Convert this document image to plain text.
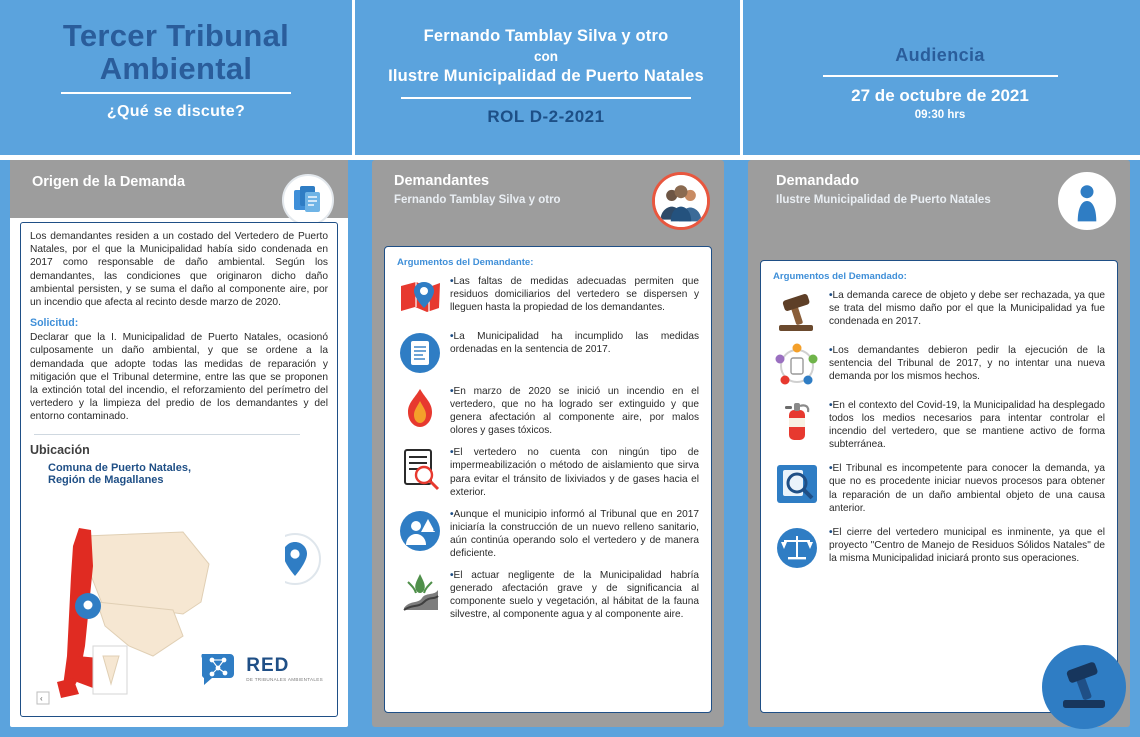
Tercer Tribunal
Ambiental
¿Qué se discute?
Fernando Tamblay Silva y otro
con
Ilustre Municipalidad de Puerto Natales
ROL D-2-2021
Audiencia
27 de octubre de 2021
09:30 hrs
Origen de la Demanda
Los demandantes residen a un costado del Vertedero de Puerto Natales, por el que la Municipalidad había sido condenada en 2017 como responsable de daño ambiental. Según los demandantes, las condiciones que originaron dicho daño ambiental persisten, y se suma el daño al componente aire, por un incendio que afecta al recinto desde marzo de 2020.
Solicitud:
Declarar que la I. Municipalidad de Puerto Natales, ocasionó culposamente un daño ambiental, y que se ordene a la demandada que adopte todas las medidas de reparación y mitigación que el Tribunal determine, entre las que se proponen la extinción total del incendio, el reforzamiento del perímetro del vertedero y la limpieza del predio de los demandantes y del entorno contaminado.
Ubicación
Comuna de Puerto Natales,
Región de Magallanes
‹
RED
DE TRIBUNALES AMBIENTALES
Demandantes
Fernando Tamblay Silva y otro
Argumentos del Demandante:
•Las faltas de medidas adecuadas permiten que residuos domiciliarios del vertedero se dispersen y lleguen hasta la propiedad de los demandantes.
•La Municipalidad ha incumplido las medidas ordenadas en la sentencia de 2017.
•En marzo de 2020 se inició un incendio en el vertedero, que no ha logrado ser extinguido y que genera afectación al componente aire, por malos olores y gases tóxicos.
•El vertedero no cuenta con ningún tipo de impermeabilización o método de aislamiento que sirva para evitar el tránsito de lixiviados y de gases hacia el exterior.
•Aunque el municipio informó al Tribunal que en 2017 iniciaría la construcción de un nuevo relleno sanitario, aún continúa operando solo el vertedero y de manera deficiente.
•El actuar negligente de la Municipalidad habría generado afectación grave y de significancia al componente suelo y vegetación, al hábitat de la fauna silvestre, al componente agua y al componente aire.
Demandado
Ilustre Municipalidad de Puerto Natales
Argumentos del Demandado:
•La demanda carece de objeto y debe ser rechazada, ya que se trata del mismo daño por el que la Municipalidad ya fue condenada en 2017.
•Los demandantes debieron pedir la ejecución de la sentencia del Tribunal de 2017, y no intentar una nueva demanda por los mismos hechos.
•En el contexto del Covid-19, la Municipalidad ha desplegado todos los medios necesarios para intentar controlar el incendio del vertedero, que se mantiene activo de forma subterránea.
•El Tribunal es incompetente para conocer la demanda, ya que no es procedente iniciar nuevos procesos para obtener la reparación de un daño ambiental objeto de una causa anterior.
•El cierre del vertedero municipal es inminente, ya que el proyecto "Centro de Manejo de Residuos Sólidos Natales" de la misma Municipalidad iniciará pronto sus operaciones.
